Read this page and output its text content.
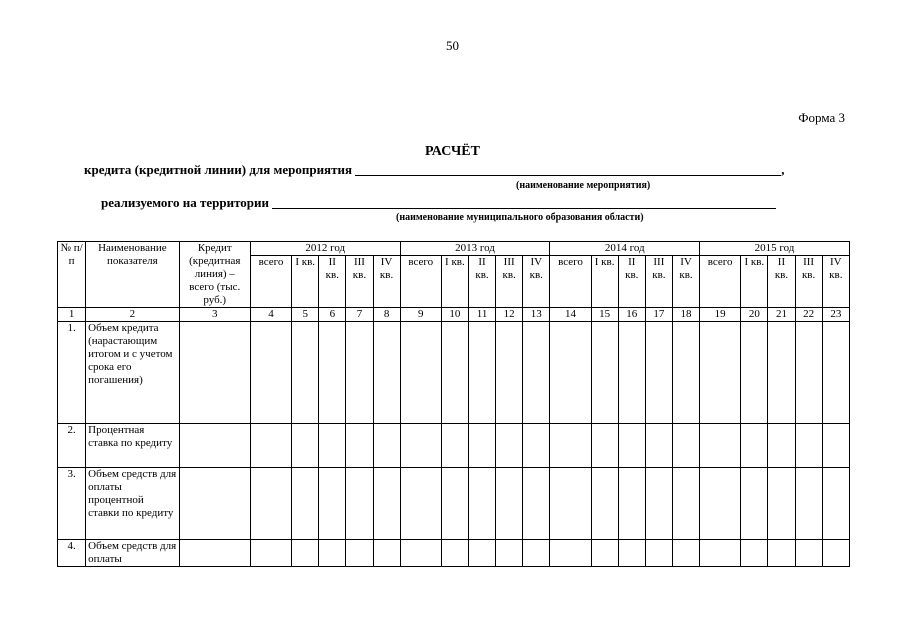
50
Форма 3
РАСЧЁТ
кредита (кредитной линии) для мероприятия	,
(наименование мероприятия)
реализуемого на территории
(наименование муниципального образования области)
№ п/п	Наименование показателя	Кредит (кредитная линия) – всего (тыс. руб.)	2012 год					2013 год					2014 год					2015 год				
			всего	I кв.	II кв.	III кв.	IV кв.	всего	I кв.	II кв.	III кв.	IV кв.	всего	I кв.	II кв.	III кв.	IV кв.	всего	I кв.	II кв.	III кв.	IV кв.
1	2	3	4	5	6	7	8	9	10	11	12	13	14	15	16	17	18	19	20	21	22	23
1.	Объем кредита (нарастающим итогом и с учетом срока его погашения)																					
2.	Процентная ставка по кредиту																					
3.	Объем средств для оплаты процентной ставки по кредиту																					
4.	Объем средств для оплаты																					
